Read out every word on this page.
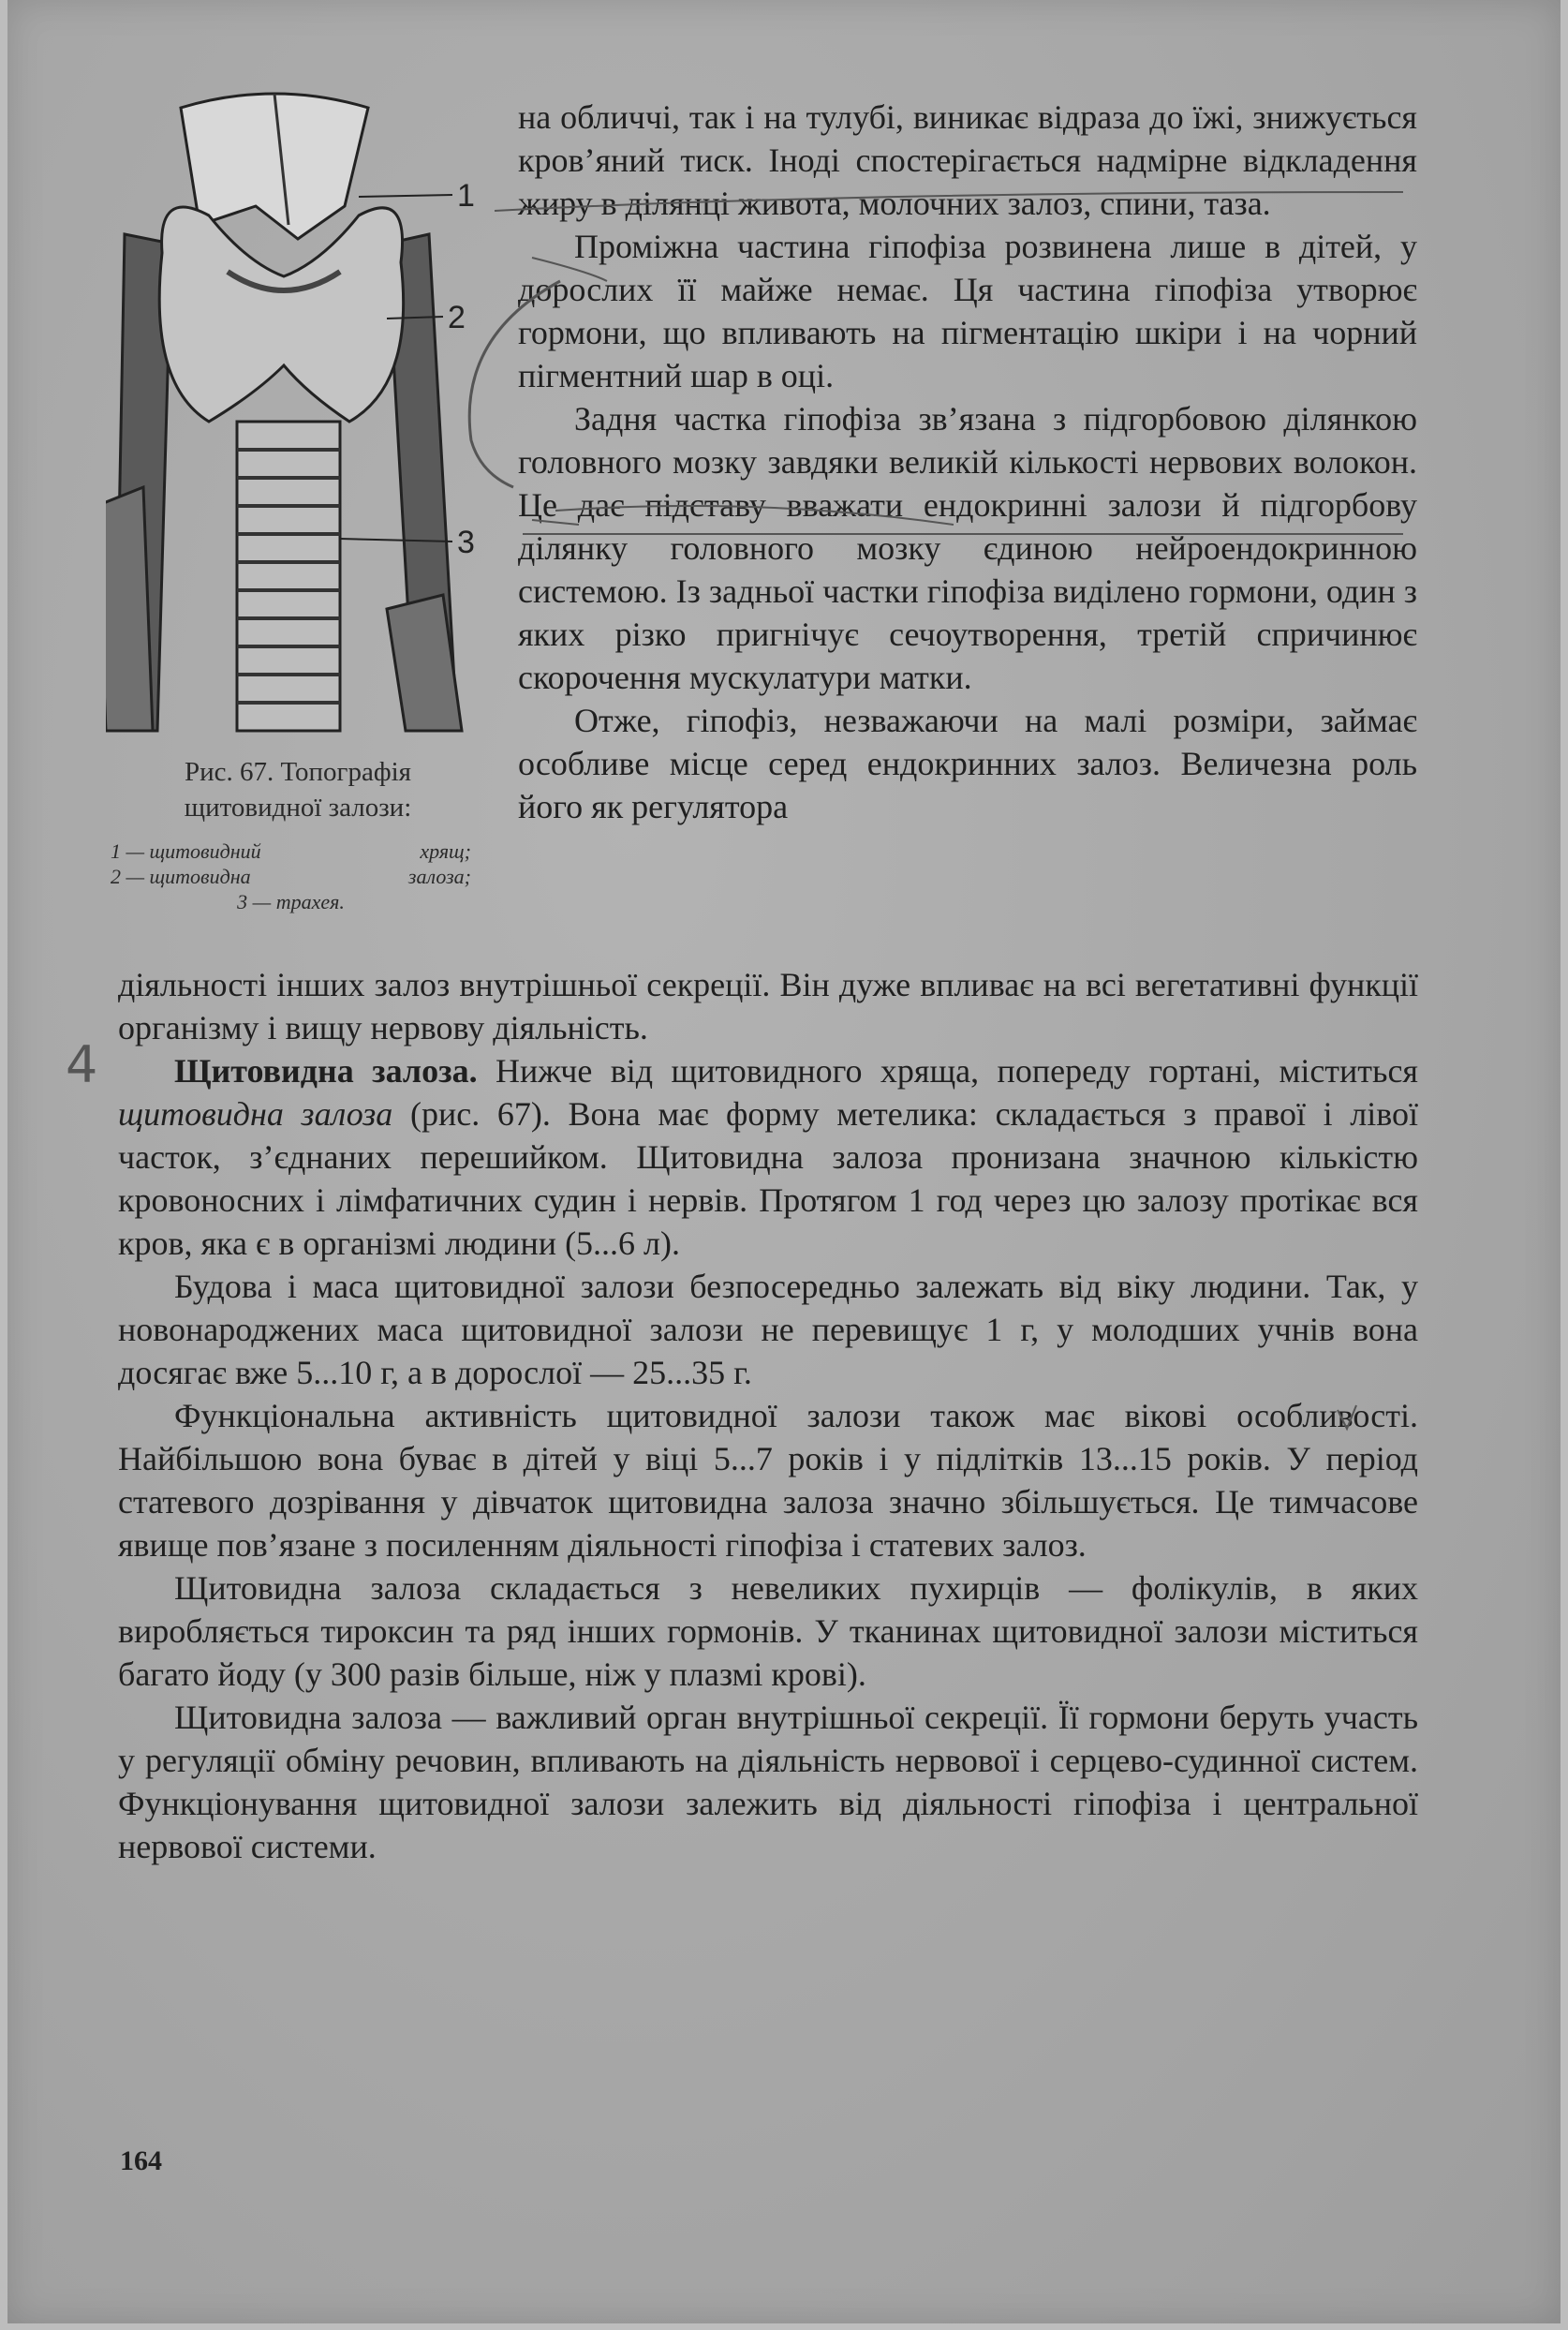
1
2
3
Рис. 67. Топографія
щитовидної залози:
1 — щитовидний	хрящ;
2 — щитовидна	залоза;
3 — трахея.

на обличчі, так і на тулубі, виникає відраза до їжі, знижується кров’яний тиск. Іноді спостерігається надмірне відкладення жиру в ділянці живота, молочних залоз, спини, таза.

Проміжна частина гіпофіза розвинена лише в дітей, у дорослих її майже немає. Ця частина гіпофіза утворює гормони, що впливають на пігментацію шкіри і на чорний пігментний шар в оці.

Задня частка гіпофіза зв’язана з підгорбовою ділянкою головного мозку завдяки великій кількості нервових волокон. Це дає підставу вважати ендокринні залози й підгорбову ділянку головного мозку єдиною нейроендокринною системою. Із задньої частки гіпофіза виділено гормони, один з яких різко пригнічує сечоутворення, третій спричинює скорочення мускулатури матки.

Отже, гіпофіз, незважаючи на малі розміри, займає особливе місце серед ендокринних залоз. Величезна роль його як регулятора

діяльності інших залоз внутрішньої секреції. Він дуже впливає на всі вегетативні функції організму і вищу нервову діяльність.

Щитовидна залоза. Нижче від щитовидного хряща, попереду гортані, міститься щитовидна залоза (рис. 67). Вона має форму метелика: складається з правої і лівої часток, з’єднаних перешийком. Щитовидна залоза пронизана значною кількістю кровоносних і лімфатичних судин і нервів. Протягом 1 год через цю залозу протікає вся кров, яка є в організмі людини (5...6 л).

Будова і маса щитовидної залози безпосередньо залежать від віку людини. Так, у новонароджених маса щитовидної залози не перевищує 1 г, у молодших учнів вона досягає вже 5...10 г, а в дорослої — 25...35 г.

Функціональна активність щитовидної залози також має вікові особливості. Найбільшою вона буває в дітей у віці 5...7 років і у підлітків 13...15 років. У період статевого дозрівання у дівчаток щитовидна залоза значно збільшується. Це тимчасове явище пов’язане з посиленням діяльності гіпофіза і статевих залоз.

Щитовидна залоза складається з невеликих пухирців — фолікулів, в яких виробляється тироксин та ряд інших гормонів. У тканинах щитовидної залози міститься багато йоду (у 300 разів більше, ніж у плазмі крові).

Щитовидна залоза — важливий орган внутрішньої секреції. Її гормони беруть участь у регуляції обміну речовин, впливають на діяльність нервової і серцево-судинної систем. Функціонування щитовидної залози залежить від діяльності гіпофіза і центральної нервової системи.

4
164
